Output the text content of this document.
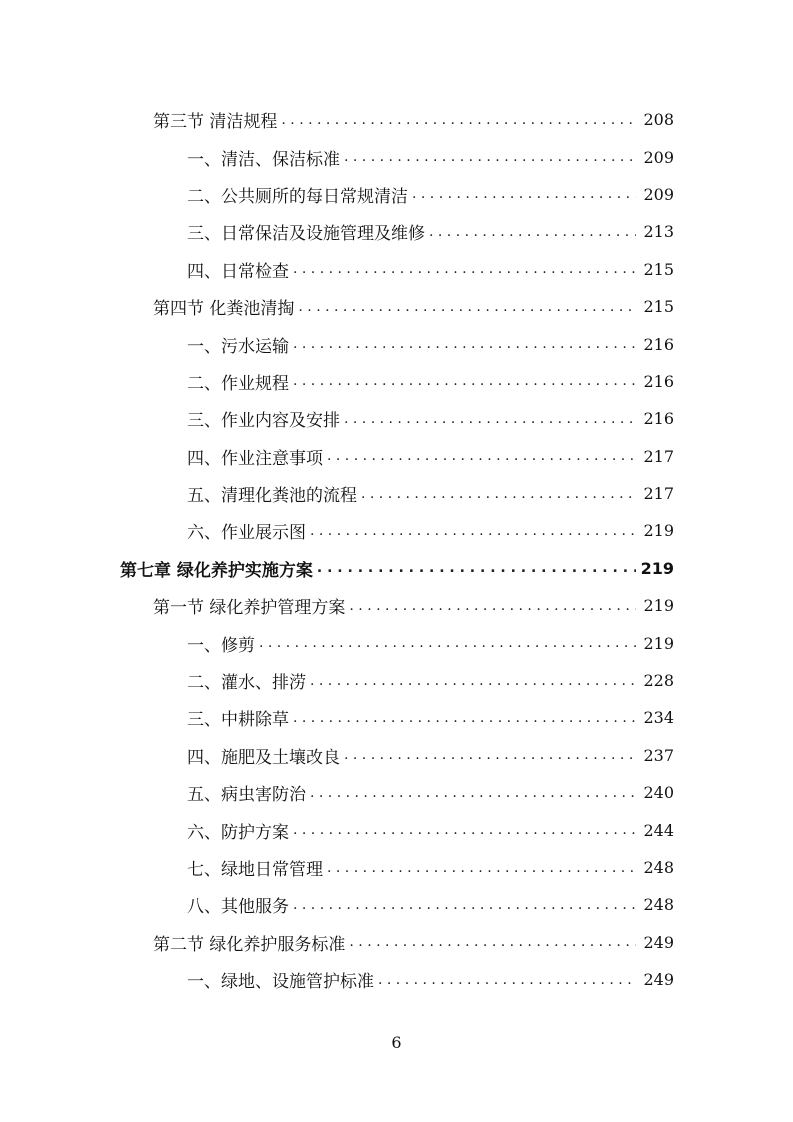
第三节 清洁规程 . . .	208
一、清洁、保洁标准 . . .	209
二、公共厕所的每日常规清洁 . . .	209
三、日常保洁及设施管理及维修 . . .	213
四、日常检查 . . .	215
第四节 化粪池清掏 . . .	215
一、污水运输 . . .	216
二、作业规程 . . .	216
三、作业内容及安排 . . .	216
四、作业注意事项 . . .	217
五、清理化粪池的流程 . . .	217
六、作业展示图 . . .	219
第七章 绿化养护实施方案 . . .	219
第一节 绿化养护管理方案 . . .	219
一、修剪 . . .	219
二、灌水、排涝 . . .	228
三、中耕除草 . . .	234
四、施肥及土壤改良 . . .	237
五、病虫害防治 . . .	240
六、防护方案 . . .	244
七、绿地日常管理 . . .	248
八、其他服务 . . .	248
第二节 绿化养护服务标准 . . .	249
一、绿地、设施管护标准 . . .	249
6
